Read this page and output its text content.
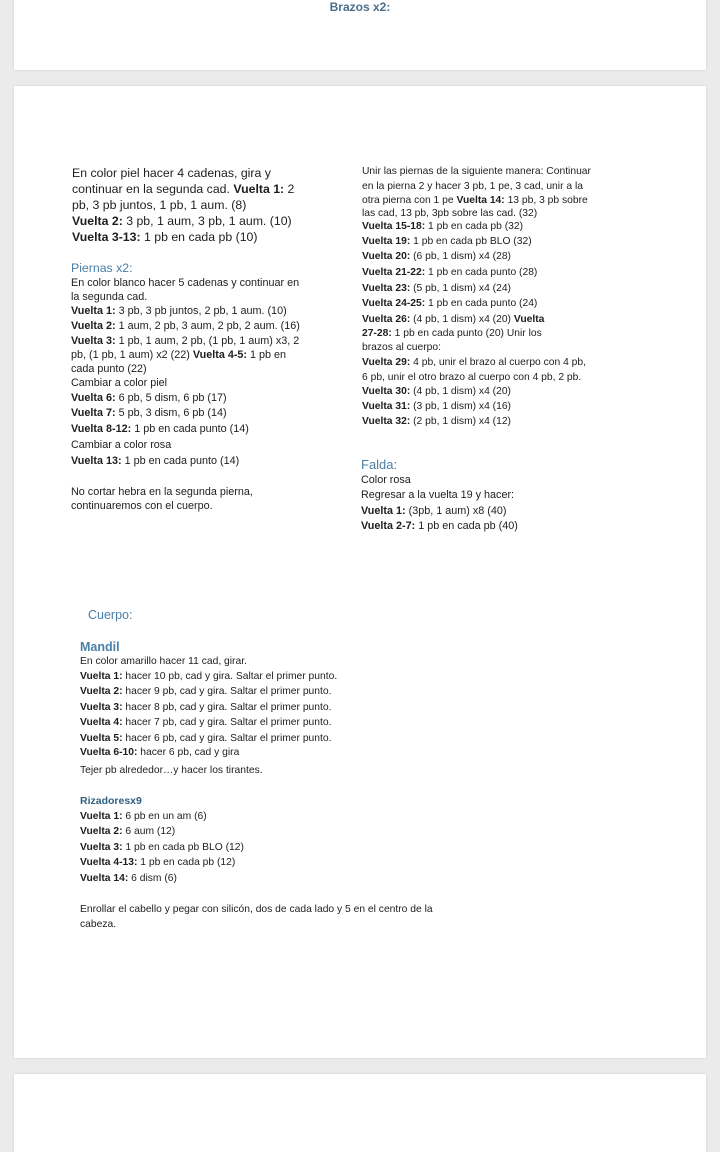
Brazos x2:
En color piel hacer 4 cadenas, gira y
continuar en la segunda cad. Vuelta 1: 2
pb, 3 pb juntos, 1 pb, 1 aum. (8)
Vuelta 2: 3 pb, 1 aum, 3 pb, 1 aum. (10)
Vuelta 3-13: 1 pb en cada pb (10)
Piernas x2:
En color blanco hacer 5 cadenas y continuar en
la segunda cad.
Vuelta 1: 3 pb, 3 pb juntos, 2 pb, 1 aum. (10)
Vuelta 2: 1 aum, 2 pb, 3 aum, 2 pb, 2 aum. (16)
Vuelta 3: 1 pb, 1 aum, 2 pb, (1 pb, 1 aum) x3, 2
pb, (1 pb, 1 aum) x2 (22) Vuelta 4-5: 1 pb en
cada punto (22)
Cambiar a color piel
Vuelta 6: 6 pb, 5 dism, 6 pb (17)
Vuelta 7: 5 pb, 3 dism, 6 pb (14)
Vuelta 8-12: 1 pb en cada punto (14)
Cambiar a color rosa
Vuelta 13: 1 pb en cada punto (14)
No cortar hebra en la segunda pierna,
continuaremos con el cuerpo.
Unir las piernas de la siguiente manera: Continuar
en la pierna 2 y hacer 3 pb, 1 pe, 3 cad, unir a la
otra pierna con 1 pe Vuelta 14: 13 pb, 3 pb sobre
las cad, 13 pb, 3pb sobre las cad. (32)
Vuelta 15-18: 1 pb en cada pb (32)
Vuelta 19: 1 pb en cada pb BLO (32)
Vuelta 20: (6 pb, 1 dism) x4 (28)
Vuelta 21-22: 1 pb en cada punto (28)
Vuelta 23: (5 pb, 1 dism) x4 (24)
Vuelta 24-25: 1 pb en cada punto (24)
Vuelta 26: (4 pb, 1 dism) x4 (20) Vuelta
27-28: 1 pb en cada punto (20) Unir los
brazos al cuerpo:
Vuelta 29: 4 pb, unir el brazo al cuerpo con 4 pb,
6 pb, unir el otro brazo al cuerpo con 4 pb, 2 pb.
Vuelta 30: (4 pb, 1 dism) x4 (20)
Vuelta 31: (3 pb, 1 dism) x4 (16)
Vuelta 32: (2 pb, 1 dism) x4 (12)
Falda:
Color rosa
Regresar a la vuelta 19 y hacer:
Vuelta 1: (3pb, 1 aum) x8 (40)
Vuelta 2-7: 1 pb en cada pb (40)
Cuerpo:
Mandil
En color amarillo hacer 11 cad, girar.
Vuelta 1: hacer 10 pb, cad y gira. Saltar el primer punto.
Vuelta 2: hacer 9 pb, cad y gira. Saltar el primer punto.
Vuelta 3: hacer 8 pb, cad y gira. Saltar el primer punto.
Vuelta 4: hacer 7 pb, cad y gira. Saltar el primer punto.
Vuelta 5: hacer 6 pb, cad y gira. Saltar el primer punto.
Vuelta 6-10: hacer 6 pb, cad y gira
Tejer pb alrededor…y hacer los tirantes.
Rizadoresx9
Vuelta 1: 6 pb en un am (6)
Vuelta 2: 6 aum (12)
Vuelta 3: 1 pb en cada pb BLO (12)
Vuelta 4-13: 1 pb en cada pb (12)
Vuelta 14: 6 dism (6)
Enrollar el cabello y pegar con silicón, dos de cada lado y 5 en el centro de la
cabeza.
